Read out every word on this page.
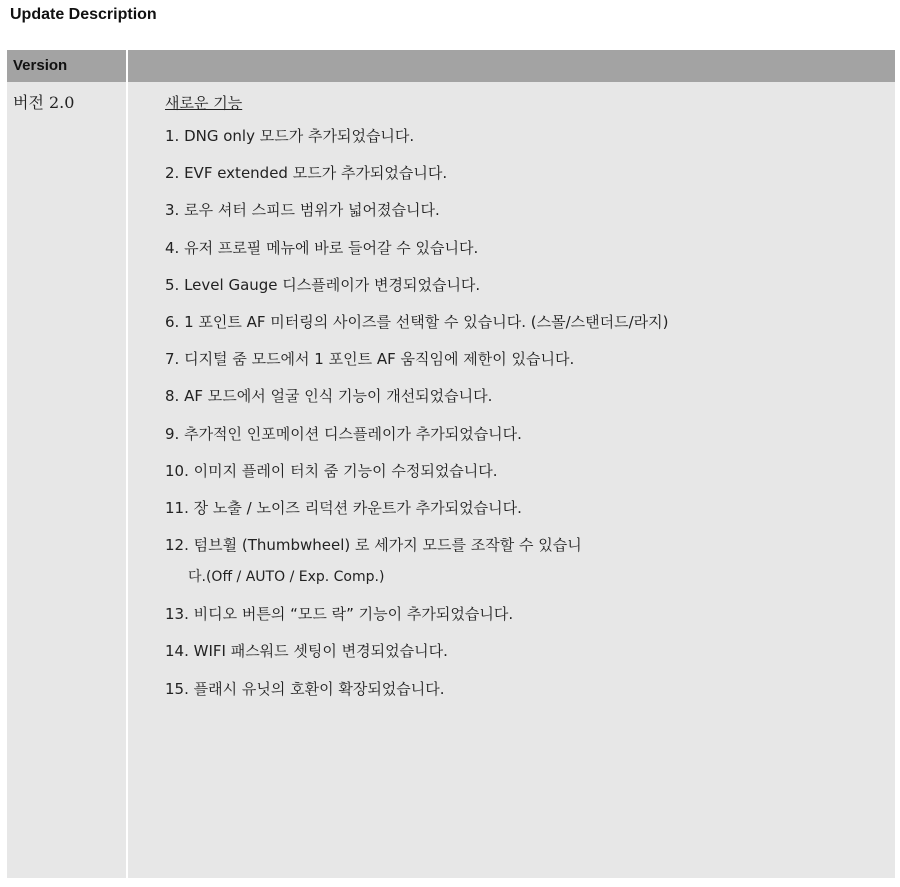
Update Description
Version
버전 2.0	새로운 기능
1. DNG only 모드가 추가되었습니다.
2. EVF extended 모드가 추가되었습니다.
3. 로우 셔터 스피드 범위가 넓어졌습니다.
4. 유저 프로필 메뉴에 바로 들어갈 수 있습니다.
5. Level Gauge 디스플레이가 변경되었습니다.
6. 1 포인트 AF 미터링의 사이즈를 선택할 수 있습니다. (스몰/스탠더드/라지)
7. 디지털 줌 모드에서 1 포인트 AF 움직임에 제한이 있습니다.
8. AF 모드에서 얼굴 인식 기능이 개선되었습니다.
9. 추가적인 인포메이션 디스플레이가 추가되었습니다.
10. 이미지 플레이 터치 줌 기능이 수정되었습니다.
11. 장 노출 / 노이즈 리덕션 카운트가 추가되었습니다.
12. 텀브휠 (Thumbwheel) 로 세가지 모드를 조작할 수 있습니
다.(Off / AUTO / Exp. Comp.)
13. 비디오 버튼의 “모드 락” 기능이 추가되었습니다.
14. WIFI 패스워드 셋팅이 변경되었습니다.
15. 플래시 유닛의 호환이 확장되었습니다.
